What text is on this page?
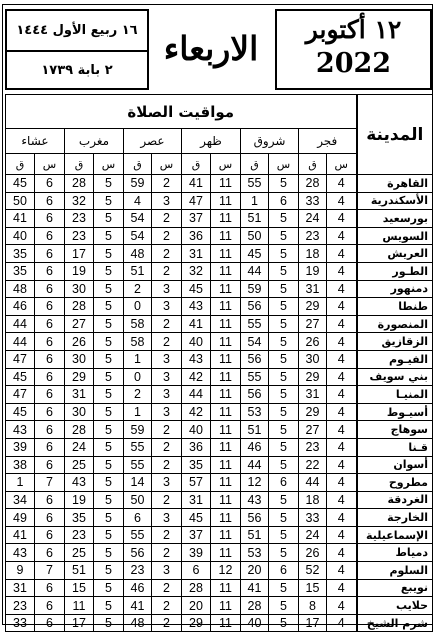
١٢ أكتوبر
2022
الاربعاء
١٦ ربيع الأول ١٤٤٤
٢ بابة ١٧٣٩
مواقيت الصلاة												المدينة
عشاء		مغرب		عصر		ظهر		شروق		فجر		
ق	س	ق	س	ق	س	ق	س	ق	س	ق	س	
45	6	28	5	59	2	41	11	55	5	28	4	القاهرة
50	6	32	5	4	3	47	11	1	6	33	4	الأسكندرية
41	6	23	5	54	2	37	11	51	5	24	4	بورسعيد
40	6	23	5	54	2	36	11	50	5	23	4	السويس
35	6	17	5	48	2	31	11	45	5	18	4	العريش
35	6	19	5	51	2	32	11	44	5	19	4	الطـور
48	6	30	5	2	3	45	11	59	5	31	4	دمنهور
46	6	28	5	0	3	43	11	56	5	29	4	طنطا
44	6	27	5	58	2	41	11	55	5	27	4	المنصورة
44	6	26	5	58	2	40	11	54	5	26	4	الزقازيق
47	6	30	5	1	3	43	11	56	5	30	4	الفيـوم
45	6	29	5	0	3	42	11	55	5	29	4	بني سويف
47	6	31	5	2	3	44	11	56	5	31	4	المنيـا
45	6	30	5	1	3	42	11	53	5	29	4	أسيـوط
43	6	28	5	59	2	40	11	51	5	27	4	سوهاج
39	6	24	5	55	2	36	11	46	5	23	4	قـنا
38	6	25	5	55	2	35	11	44	5	22	4	أسوان
1	7	43	5	14	3	57	11	12	6	44	4	مطروح
34	6	19	5	50	2	31	11	43	5	18	4	الغردقة
49	6	35	5	6	3	45	11	56	5	33	4	الخارجة
41	6	23	5	55	2	37	11	51	5	24	4	الإسماعيلية
43	6	25	5	56	2	39	11	53	5	26	4	دمياط
9	7	51	5	23	3	6	12	20	6	52	4	السلوم
31	6	15	5	46	2	28	11	41	5	15	4	نويبع
23	6	11	5	41	2	20	11	28	5	8	4	حلايب
33	6	17	5	48	2	29	11	40	5	17	4	شرم الشيخ
